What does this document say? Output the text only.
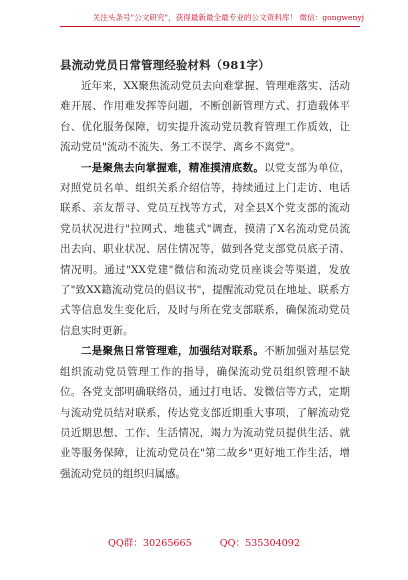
关注头条号"公文研究"，获得最新最全最专业的公文资料库！ 微信：gongwenyj
县流动党员日常管理经验材料（981字）

近年来，XX聚焦流动党员去向难掌握、管理难落实、活动难开展、作用难发挥等问题，不断创新管理方式、打造载体平台、优化服务保障，切实提升流动党员教育管理工作质效，让流动党员"流动不流失、务工不误学、离乡不离党"。

一是聚焦去向掌握难，精准摸清底数。以党支部为单位，对照党员名单、组织关系介绍信等，持续通过上门走访、电话联系、亲友帮寻、党员互找等方式，对全县X个党支部的流动党员状况进行"拉网式、地毯式"调查，摸清了X名流动党员流出去向、职业状况、居住情况等，做到各党支部党员底子清、情况明。通过"XX党建"微信和流动党员座谈会等渠道，发放了"致XX籍流动党员的倡议书"，提醒流动党员在地址、联系方式等信息发生变化后，及时与所在党支部联系，确保流动党员信息实时更新。

二是聚焦日常管理难，加强结对联系。不断加强对基层党组织流动党员管理工作的指导，确保流动党员组织管理不缺位。各党支部明确联络员，通过打电话、发微信等方式，定期与流动党员结对联系，传达党支部近期重大事项，了解流动党员近期思想、工作、生活情况，竭力为流动党员提供生活、就业等服务保障，让流动党员在"第二故乡"更好地工作生活，增强流动党员的组织归属感。

QQ群：30265665	QQ：535304092
